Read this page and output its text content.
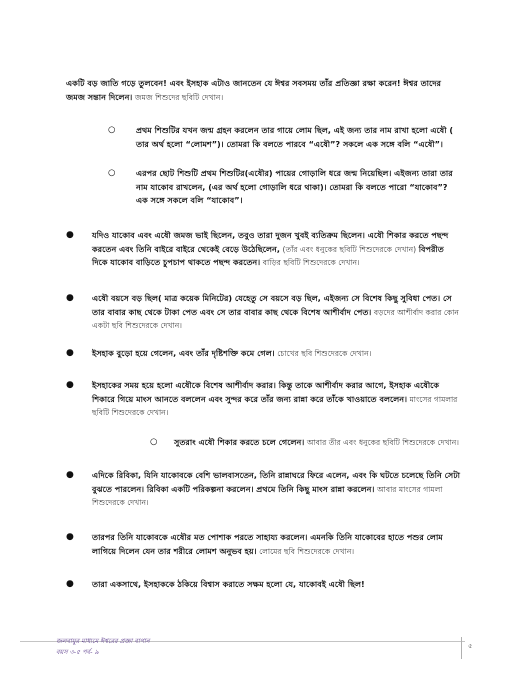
একটি বড় জাতি গড়ে তুলবেন! এবং ইসহাক এটাও জানতেন যে ঈশ্বর সবসময় তাঁর প্রতিজ্ঞা রক্ষা করেন! ঈশ্বর তাদের জমজ সন্তান দিলেন। জমজ শিশুদের ছবিটি দেখান।
○	প্রথম শিশুটির যখন জন্ম গ্রহন করলেন তার গায়ে লোম ছিল, এই জন্য তার নাম রাখা হলো এষৌ ( তার অর্থ হলো “লোমশ”)। তোমরা কি বলতে পারবে “এষৌ”? সকলে এক সঙ্গে বলি “এষৌ”।
○	এরপর ছোট শিশুটি প্রথম শিশুটির(এষৌর) পায়ের গোড়ালি ধরে জন্ম নিয়েছিল। এইজন্য তারা তার নাম যাকোব রাখলেন, (এর অর্থ হলো গোড়ালি ধরে থাকা)। তোমরা কি বলতে পারো “যাকোব”? এক সঙ্গে সকলে বলি “যাকোব”।
● যদিও যাকোব এবং এষৌ জমজ ভাই ছিলেন, তবুও তারা দুজন খুবই ব্যতিক্রম ছিলেন। এষৌ শিকার করতে পছন্দ করতেন এবং তিনি বাইরে বাইরে থেকেই বেড়ে উঠেছিলেন, (তাঁর এবং ধনুকের ছবিটি শিশুদেরকে দেখান) বিপরীত দিকে যাকোব বাড়িতে চুপচাপ থাকতে পছন্দ করতেন। বাড়ির ছবিটি শিশুদেরকে দেখান।
● এষৌ বয়সে বড় ছিল( মাত্র কয়েক মিনিটের) যেহেতু সে বয়সে বড় ছিল, এইজন্য সে বিশেষ কিছু সুবিধা পেত। সে তার বাবার কাছ থেকে টাকা পেত এবং সে তার বাবার কাছ থেকে বিশেষ আশীর্বাদ পেত। বড়দের আশীর্বাদ করার কোন একটা ছবি শিশুদেরকে দেখান।
● ইসহাক বুড়ো হয়ে গেলেন, এবং তাঁর দৃষ্টিশক্তি কমে গেল। চোখের ছবি শিশুদেরকে দেখান।
● ইসহাকের সময় হয়ে হলো এষৌকে বিশেষ আশীর্বাদ করার। কিন্তু তাকে আশীর্বাদ করার আগে, ইসহাক এষৌকে শিকারে গিয়ে মাংস আনতে বললেন এবং সুন্দর করে তাঁর জন্য রান্না করে তাঁকে খাওয়াতে বললেন। মাংসের গামলার ছবিটি শিশুদেরকে দেখান।
○ সুতরাং এষৌ শিকার করতে চলে গেলেন। আবার তীর এবং ধনুকের ছবিটি শিশুদেরকে দেখান।
● এদিকে রিবিকা, যিনি যাকোবকে বেশি ভালবাসতেন, তিনি রান্নাঘরে ফিরে এলেন, এবং কি ঘটতে চলেছে তিনি সেটা বুঝতে পারলেন। রিবিকা একটি পরিকল্পনা করলেন। প্রথমে তিনি কিছু মাংস রান্না করলেন। আবার মাংসের গামলা শিশুদেরকে দেখান।
● তারপর তিনি যাকোবকে এষৌর মত পোশাক পরতে সাহায্য করলেন। এমনকি তিনি যাকোবের হাতে পশুর লোম লাগিয়ে দিলেন যেন তার শরীরে লোমশ অনুভব হয়। লোমের ছবি শিশুদেরকে দেখান।
● তারা একসাথে, ইসহাককে ঠকিয়ে বিশ্বাস করাতে সক্ষম হলো যে, যাকোবই এষৌ ছিল!
জলবায়ুর মাধ্যমে ঈশ্বরের প্রজ্ঞা বাগান
বয়স ৩-৫ পর্ব- ৯
৫
